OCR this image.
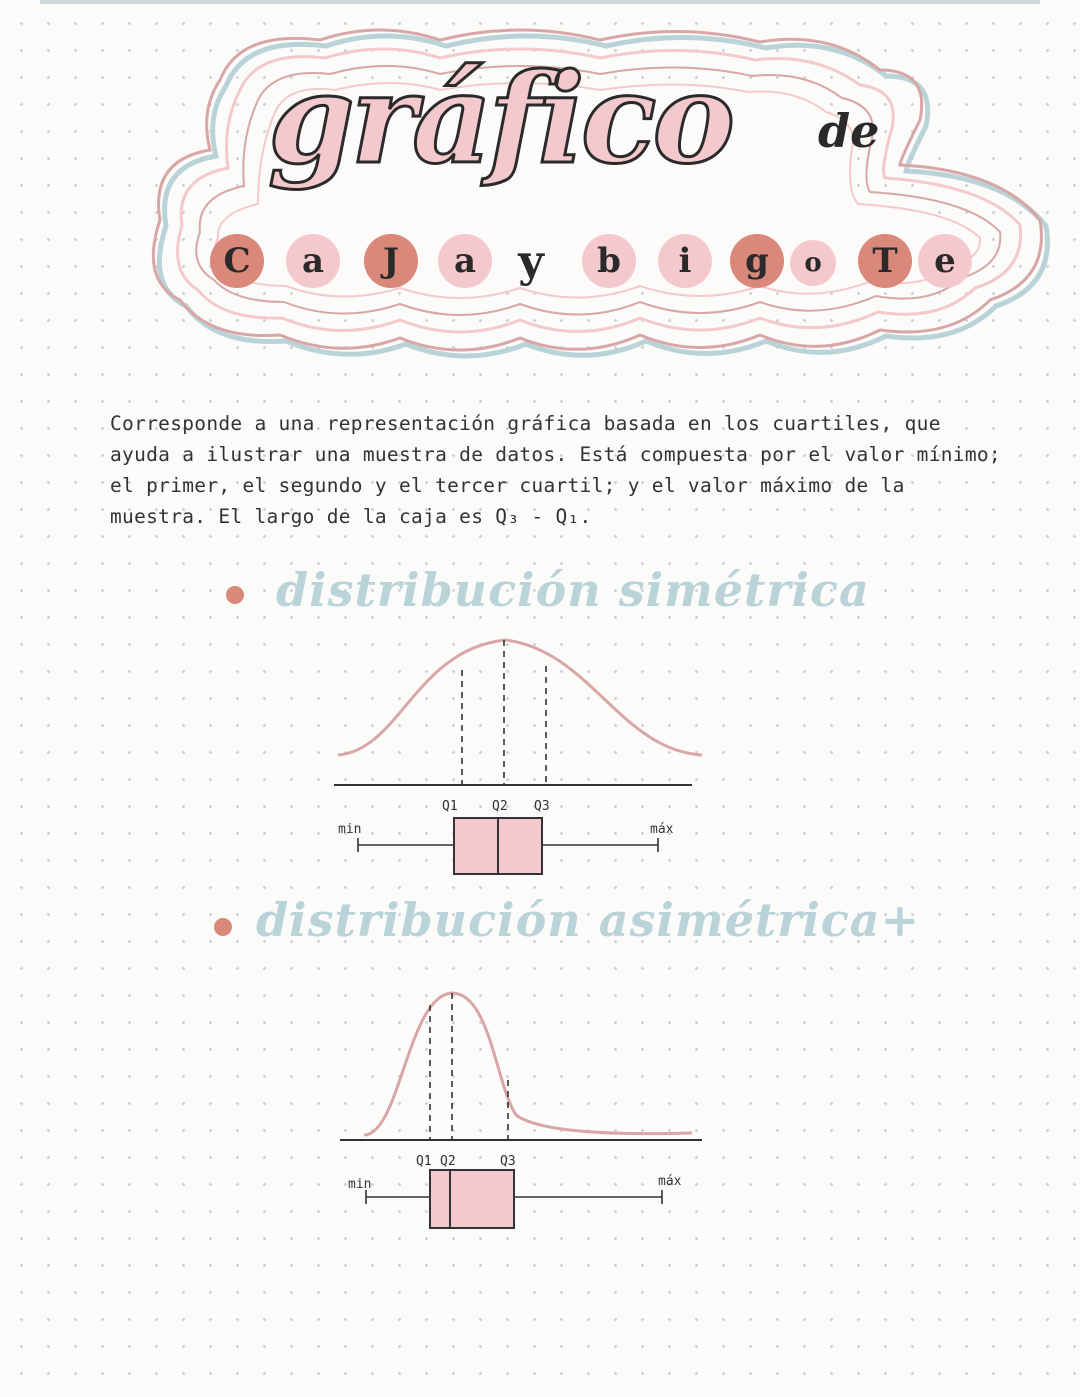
gráfico de
C	a	J	a y	b	i	g	o	T	e
Corresponde a una representación gráfica basada en los cuartiles, que ayuda a ilustrar una muestra de datos. Está compuesta por el valor mínimo; el primer, el segundo y el tercer cuartil; y el valor máximo de la muestra. El largo de la caja es Q₃ - Q₁.
distribución simétrica
Q1	Q2 Q3
min	máx
distribución asimétrica+
Q1 Q2	Q3
min	máx
